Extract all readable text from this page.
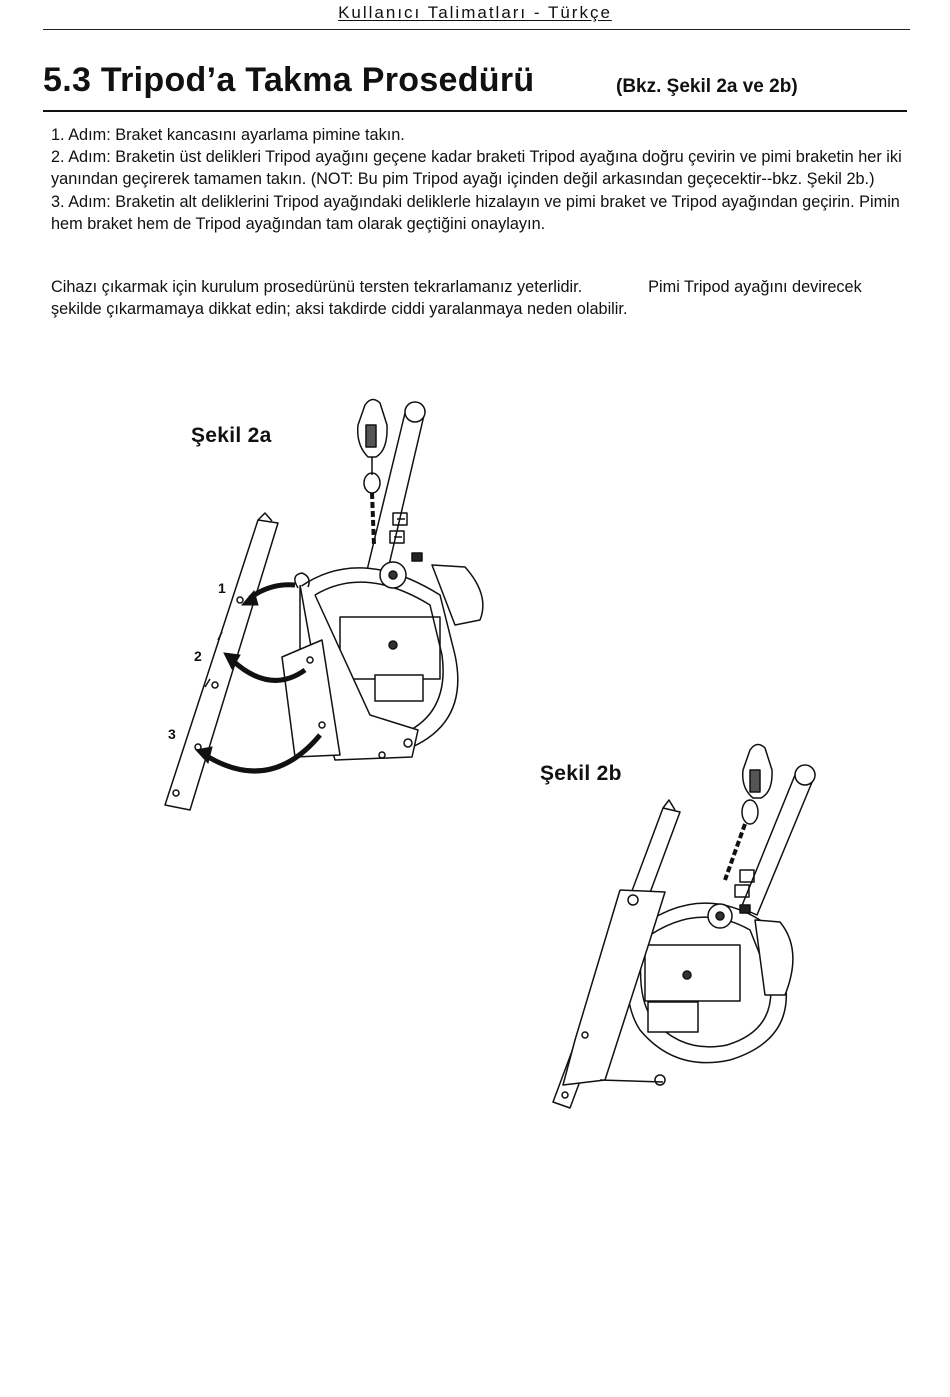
Kullanıcı Talimatları - Türkçe
5.3 Tripod’a Takma Prosedürü	(Bkz. Şekil 2a ve 2b)

1. Adım: Braket kancasını ayarlama pimine takın.

2. Adım: Braketin üst delikleri Tripod ayağını geçene kadar braketi Tripod ayağına doğru çevirin ve pimi braketin her iki yanından geçirerek tamamen takın. (NOT: Bu pim Tripod ayağı içinden değil arkasından geçecektir--bkz. Şekil 2b.)

3. Adım: Braketin alt deliklerini Tripod ayağındaki deliklerle hizalayın ve pimi braket ve Tripod ayağından geçirin. Pimin hem braket hem de Tripod ayağından tam olarak geçtiğini onaylayın.

Cihazı çıkarmak için kurulum prosedürünü tersten tekrarlamanız yeterlidir.	Pimi Tripod ayağını devirecek şekilde çıkarmamaya dikkat edin; aksi takdirde ciddi yaralanmaya neden olabilir.

Şekil 2a
1
2
3
Şekil 2b
